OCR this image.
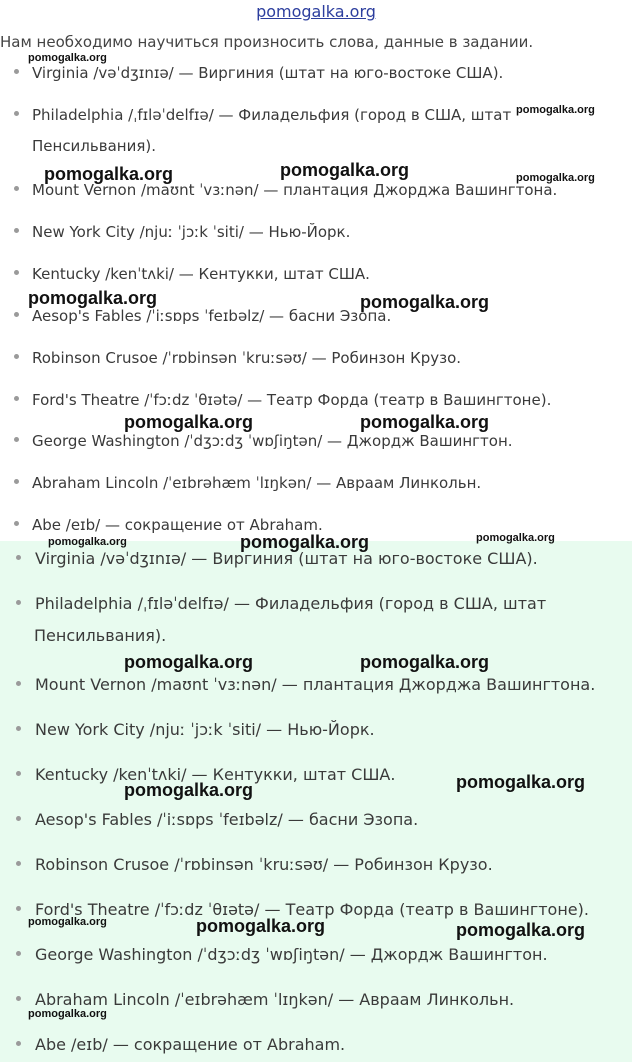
pomogalka.org
Нам необходимо научиться произносить слова, данные в задании.
Virginia /vəˈdʒɪnɪə/ — Виргиния (штат на юго-востоке США).
Philadelphia /ˌfɪləˈdelfɪə/ — Филадельфия (город в США, штат
Пенсильвания).
Mount Vernon /maʊnt ˈvɜːnən/ — плантация Джорджа Вашингтона.
New York City /njuː ˈjɔːk ˈsiti/ — Нью-Йорк.
Kentucky /kenˈtʌki/ — Кентукки, штат США.
Aesop's Fables /ˈiːsɒps ˈfeɪbəlz/ — басни Эзопа.
Robinson Crusoe /ˈrɒbinsən ˈkruːsəʊ/ — Робинзон Крузо.
Ford's Theatre /ˈfɔːdz ˈθɪətə/ — Театр Форда (театр в Вашингтоне).
George Washington /ˈdʒɔːdʒ ˈwɒʃiŋtən/ — Джордж Вашингтон.
Abraham Lincoln /ˈeɪbrəhæm ˈlɪŋkən/ — Авраам Линкольн.
Abe /eɪb/ — сокращение от Abraham.
Virginia /vəˈdʒɪnɪə/ — Виргиния (штат на юго-востоке США).
Philadelphia /ˌfɪləˈdelfɪə/ — Филадельфия (город в США, штат
Пенсильвания).
Mount Vernon /maʊnt ˈvɜːnən/ — плантация Джорджа Вашингтона.
New York City /njuː ˈjɔːk ˈsiti/ — Нью-Йорк.
Kentucky /kenˈtʌki/ — Кентукки, штат США.
Aesop's Fables /ˈiːsɒps ˈfeɪbəlz/ — басни Эзопа.
Robinson Crusoe /ˈrɒbinsən ˈkruːsəʊ/ — Робинзон Крузо.
Ford's Theatre /ˈfɔːdz ˈθɪətə/ — Театр Форда (театр в Вашингтоне).
George Washington /ˈdʒɔːdʒ ˈwɒʃiŋtən/ — Джордж Вашингтон.
Abraham Lincoln /ˈeɪbrəhæm ˈlɪŋkən/ — Авраам Линкольн.
Abe /eɪb/ — сокращение от Abraham.
pomogalka.org
pomogalka.org
pomogalka.org	pomogalka.org	pomogalka.org
pomogalka.org	pomogalka.org
pomogalka.org	pomogalka.org
pomogalka.org	pomogalka.org	pomogalka.org
pomogalka.org	pomogalka.org
pomogalka.org
pomogalka.org
pomogalka.org	pomogalka.org	pomogalka.org
pomogalka.org
